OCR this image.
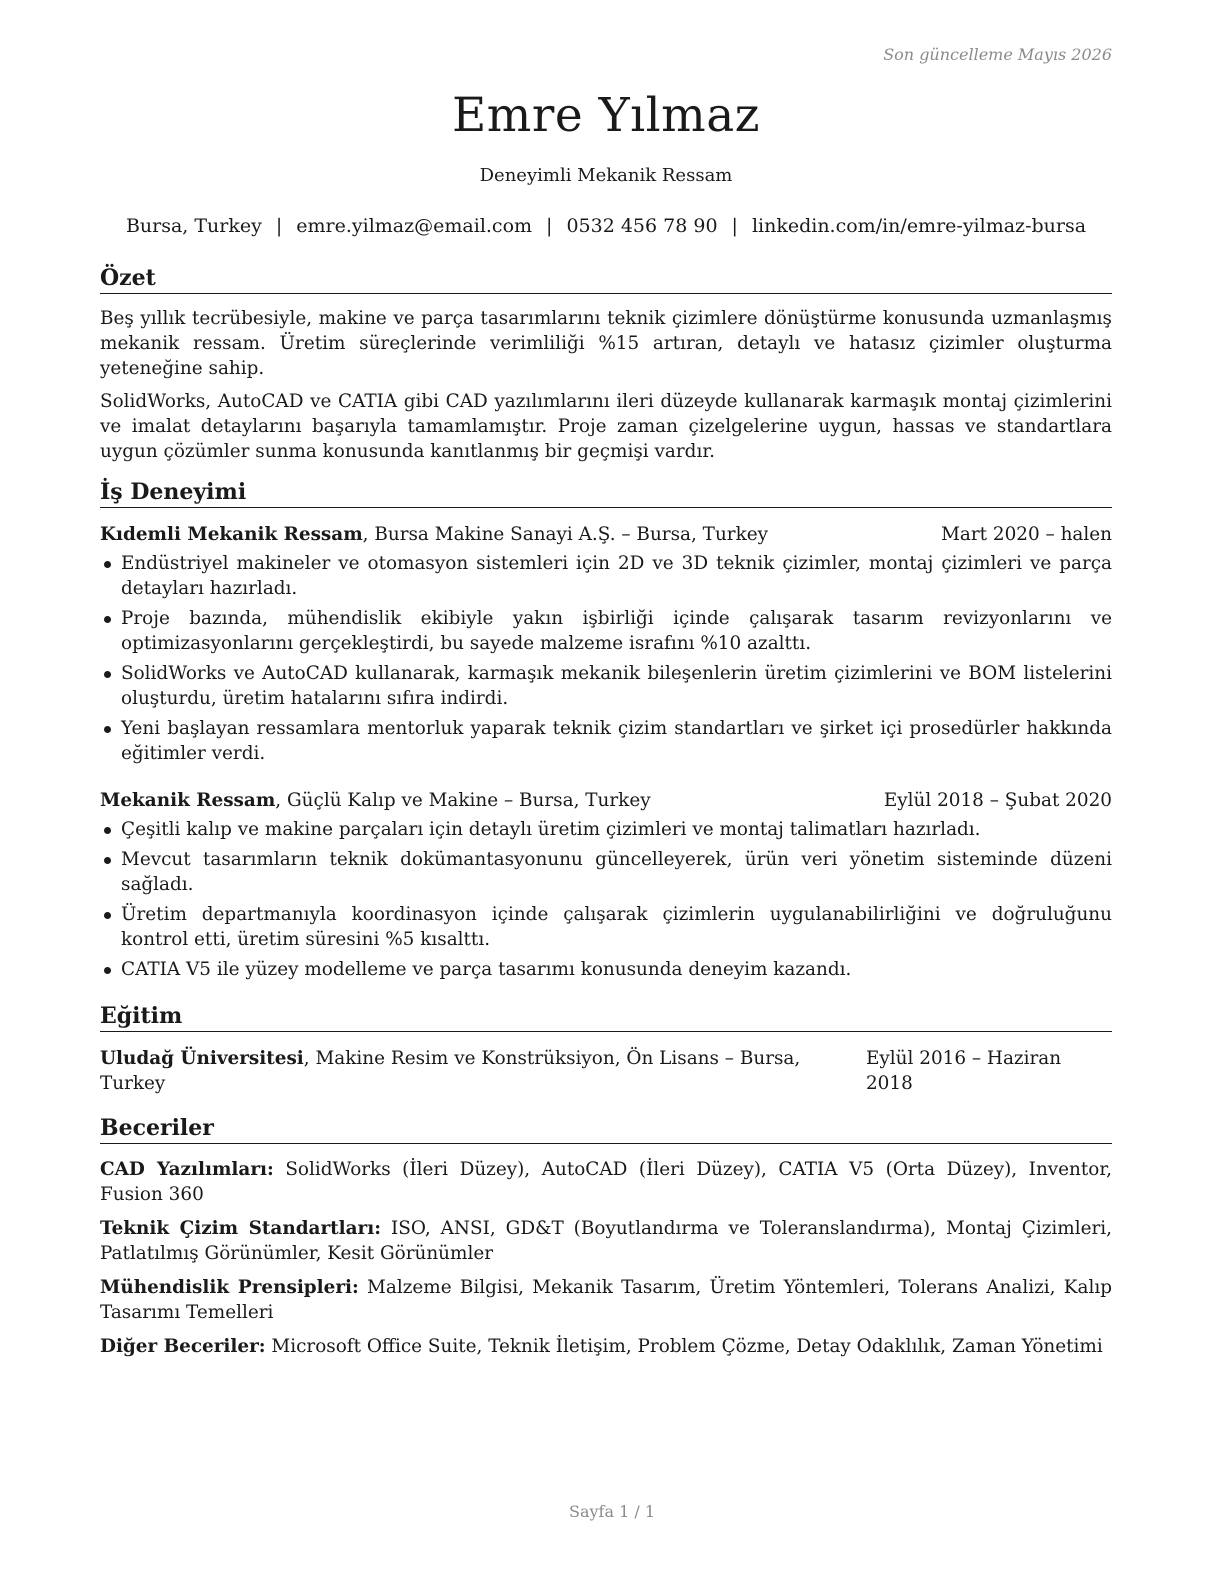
Son güncelleme Mayıs 2026
Emre Yılmaz
Deneyimli Mekanik Ressam
Bursa, Turkey | emre.yilmaz@email.com | 0532 456 78 90 | linkedin.com/in/emre-yilmaz-bursa
Özet

Beş yıllık tecrübesiyle, makine ve parça tasarımlarını teknik çizimlere dönüştürme konusunda uzmanlaşmış mekanik ressam. Üretim süreçlerinde verimliliği %15 artıran, detaylı ve hatasız çizimler oluşturma yeteneğine sahip.

SolidWorks, AutoCAD ve CATIA gibi CAD yazılımlarını ileri düzeyde kullanarak karmaşık montaj çizimlerini ve imalat detaylarını başarıyla tamamlamıştır. Proje zaman çizelgelerine uygun, hassas ve standartlara uygun çözümler sunma konusunda kanıtlanmış bir geçmişi vardır.

İş Deneyimi
Kıdemli Mekanik Ressam, Bursa Makine Sanayi A.Ş. – Bursa, Turkey	Mart 2020 – halen
Endüstriyel makineler ve otomasyon sistemleri için 2D ve 3D teknik çizimler, montaj çizimleri ve parça detayları hazırladı.
Proje bazında, mühendislik ekibiyle yakın işbirliği içinde çalışarak tasarım revizyonlarını ve optimizasyonlarını gerçekleştirdi, bu sayede malzeme israfını %10 azalttı.
SolidWorks ve AutoCAD kullanarak, karmaşık mekanik bileşenlerin üretim çizimlerini ve BOM listelerini oluşturdu, üretim hatalarını sıfıra indirdi.
Yeni başlayan ressamlara mentorluk yaparak teknik çizim standartları ve şirket içi prosedürler hakkında eğitimler verdi.
Mekanik Ressam, Güçlü Kalıp ve Makine – Bursa, Turkey	Eylül 2018 – Şubat 2020
Çeşitli kalıp ve makine parçaları için detaylı üretim çizimleri ve montaj talimatları hazırladı.
Mevcut tasarımların teknik dokümantasyonunu güncelleyerek, ürün veri yönetim sisteminde düzeni sağladı.
Üretim departmanıyla koordinasyon içinde çalışarak çizimlerin uygulanabilirliğini ve doğruluğunu kontrol etti, üretim süresini %5 kısalttı.
CATIA V5 ile yüzey modelleme ve parça tasarımı konusunda deneyim kazandı.
Eğitim
Uludağ Üniversitesi, Makine Resim ve Konstrüksiyon, Ön Lisans – Bursa, Turkey
Eylül 2016 – Haziran 2018
Beceriler
CAD Yazılımları: SolidWorks (İleri Düzey), AutoCAD (İleri Düzey), CATIA V5 (Orta Düzey), Inventor, Fusion 360
Teknik Çizim Standartları: ISO, ANSI, GD&T (Boyutlandırma ve Toleranslandırma), Montaj Çizimleri, Patlatılmış Görünümler, Kesit Görünümler
Mühendislik Prensipleri: Malzeme Bilgisi, Mekanik Tasarım, Üretim Yöntemleri, Tolerans Analizi, Kalıp Tasarımı Temelleri
Diğer Beceriler: Microsoft Office Suite, Teknik İletişim, Problem Çözme, Detay Odaklılık, Zaman Yönetimi
Sayfa 1 / 1
